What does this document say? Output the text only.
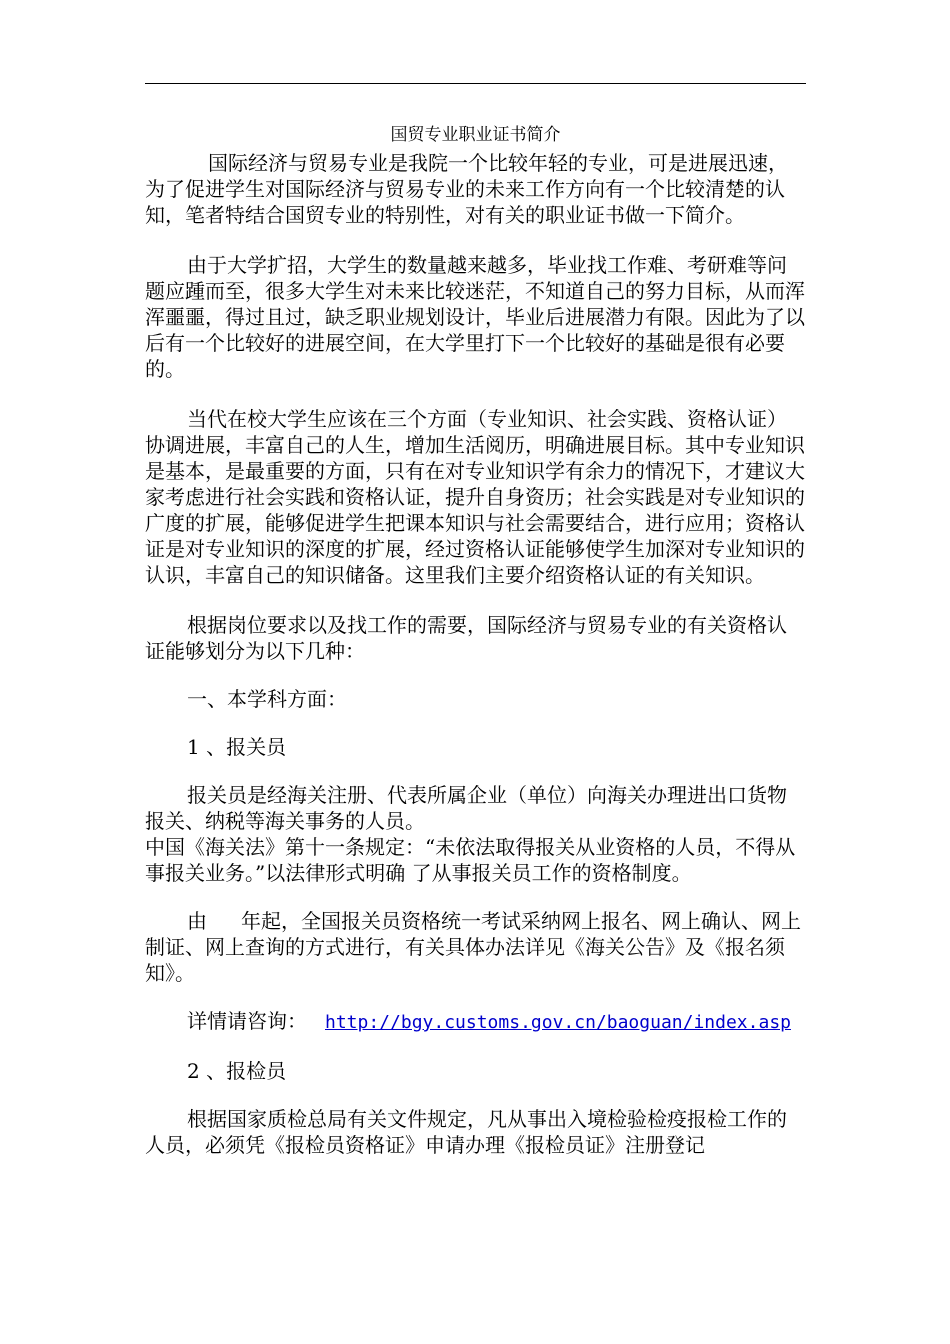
国贸专业职业证书简介

国际经济与贸易专业是我院一个比较年轻的专业，可是进展迅速，为了促进学生对国际经济与贸易专业的未来工作方向有一个比较清楚的认知，笔者特结合国贸专业的特别性，对有关的职业证书做一下简介。

由于大学扩招，大学生的数量越来越多，毕业找工作难、考研难等问题应踵而至，很多大学生对未来比较迷茫，不知道自己的努力目标，从而浑浑噩噩，得过且过，缺乏职业规划设计，毕业后进展潜力有限。因此为了以后有一个比较好的进展空间，在大学里打下一个比较好的基础是很有必要的。

当代在校大学生应该在三个方面（专业知识、社会实践、资格认证）协调进展，丰富自己的人生，增加生活阅历，明确进展目标。其中专业知识是基本，是最重要的方面，只有在对专业知识学有余力的情况下，才建议大家考虑进行社会实践和资格认证，提升自身资历；社会实践是对专业知识的广度的扩展，能够促进学生把课本知识与社会需要结合，进行应用；资格认证是对专业知识的深度的扩展，经过资格认证能够使学生加深对专业知识的认识，丰富自己的知识储备。这里我们主要介绍资格认证的有关知识。

根据岗位要求以及找工作的需要，国际经济与贸易专业的有关资格认证能够划分为以下几种：

一、本学科方面：

1 、报关员

报关员是经海关注册、代表所属企业（单位）向海关办理进出口货物报关、纳税等海关事务的人员。

中国《海关法》第十一条规定：“未依法取得报关从业资格的人员，不得从事报关业务。”以法律形式明确 了从事报关员工作的资格制度。

由 年起，全国报关员资格统一考试采纳网上报名、网上确认、网上制证、网上查询的方式进行，有关具体办法详见《海关公告》及《报名须知》。

详情请咨询： http://bgy.customs.gov.cn/baoguan/index.asp

2 、报检员

根据国家质检总局有关文件规定，凡从事出入境检验检疫报检工作的人员，必须凭《报检员资格证》申请办理《报检员证》注册登记
